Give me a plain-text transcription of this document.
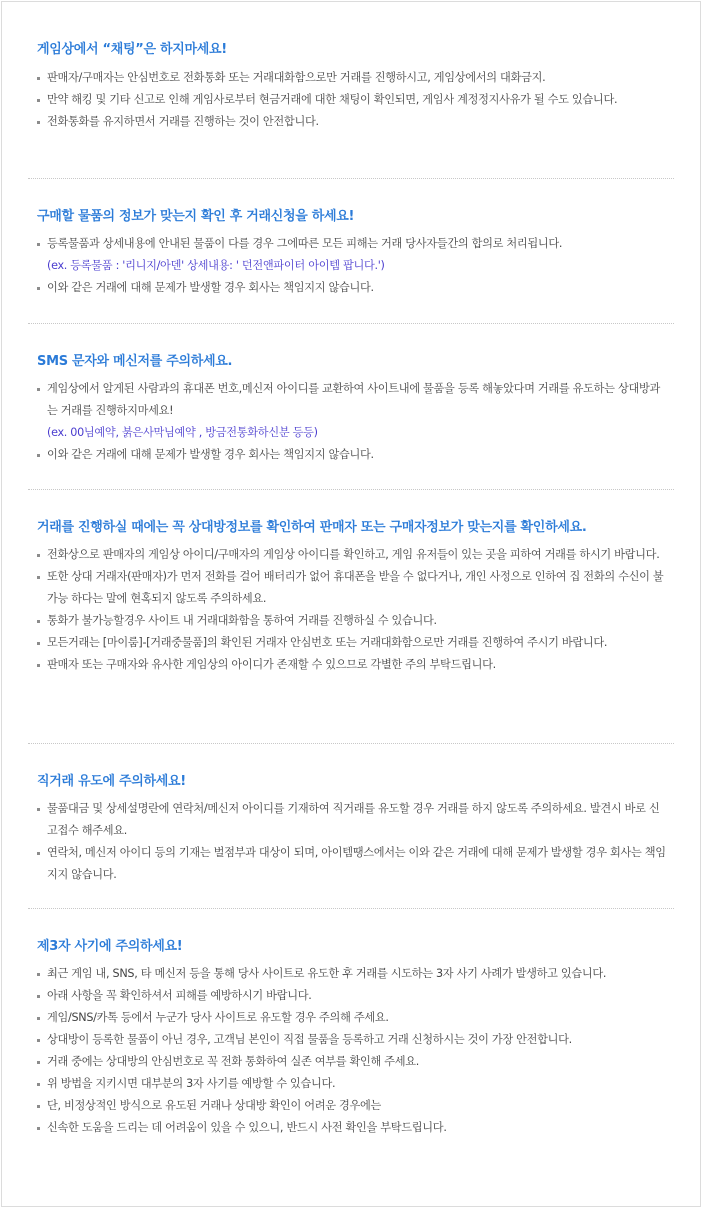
게임상에서 “채팅”은 하지마세요!
판매자/구매자는 안심번호로 전화통화 또는 거래대화함으로만 거래를 진행하시고, 게임상에서의 대화금지.
만약 해킹 및 기타 신고로 인해 게임사로부터 현금거래에 대한 채팅이 확인되면, 게임사 계정정지사유가 될 수도 있습니다.
전화통화를 유지하면서 거래를 진행하는 것이 안전합니다.
구매할 물품의 정보가 맞는지 확인 후 거래신청을 하세요!
등록물품과 상세내용에 안내된 물품이 다를 경우 그에따른 모든 피해는 거래 당사자들간의 합의로 처리됩니다.
(ex. 등록물품 : '리니지/아덴' 상세내용: ' 던전앤파이터 아이템 팝니다.')
이와 같은 거래에 대해 문제가 발생할 경우 회사는 책임지지 않습니다.
SMS 문자와 메신저를 주의하세요.
게임상에서 알게된 사람과의 휴대폰 번호,메신저 아이디를 교환하여 사이트내에 물품을 등록 해놓았다며 거래를 유도하는 상대방과는 거래를 진행하지마세요!
(ex. 00님예약, 붉은사막님예약 , 방금전통화하신분 등등)
이와 같은 거래에 대해 문제가 발생할 경우 회사는 책임지지 않습니다.
거래를 진행하실 때에는 꼭 상대방정보를 확인하여 판매자 또는 구매자정보가 맞는지를 확인하세요.
전화상으로 판매자의 게임상 아이디/구매자의 게임상 아이디를 확인하고, 게임 유저들이 있는 곳을 피하여 거래를 하시기 바랍니다.
또한 상대 거래자(판매자)가 먼저 전화를 걸어 배터리가 없어 휴대폰을 받을 수 없다거나, 개인 사정으로 인하여 집 전화의 수신이 불가능 하다는 말에 현혹되지 않도록 주의하세요.
통화가 불가능할경우 사이트 내 거래대화함을 통하여 거래를 진행하실 수 있습니다.
모든거래는 [마이룸]-[거래중물품]의 확인된 거래자 안심번호 또는 거래대화함으로만 거래를 진행하여 주시기 바랍니다.
판매자 또는 구매자와 유사한 게임상의 아이디가 존재할 수 있으므로 각별한 주의 부탁드립니다.
직거래 유도에 주의하세요!
물품대금 및 상세설명란에 연락처/메신저 아이디를 기재하여 직거래를 유도할 경우 거래를 하지 않도록 주의하세요. 발견시 바로 신고접수 해주세요.
연락처, 메신저 아이디 등의 기재는 벌점부과 대상이 되며, 아이템땡스에서는 이와 같은 거래에 대해 문제가 발생할 경우 회사는 책임지지 않습니다.
제3자 사기에 주의하세요!
최근 게임 내, SNS, 타 메신저 등을 통해 당사 사이트로 유도한 후 거래를 시도하는 3자 사기 사례가 발생하고 있습니다.
아래 사항을 꼭 확인하셔서 피해를 예방하시기 바랍니다.
게임/SNS/카톡 등에서 누군가 당사 사이트로 유도할 경우 주의해 주세요.
상대방이 등록한 물품이 아닌 경우, 고객님 본인이 직접 물품을 등록하고 거래 신청하시는 것이 가장 안전합니다.
거래 중에는 상대방의 안심번호로 꼭 전화 통화하여 실존 여부를 확인해 주세요.
위 방법을 지키시면 대부분의 3자 사기를 예방할 수 있습니다.
단, 비정상적인 방식으로 유도된 거래나 상대방 확인이 어려운 경우에는
신속한 도움을 드리는 데 어려움이 있을 수 있으니, 반드시 사전 확인을 부탁드립니다.
